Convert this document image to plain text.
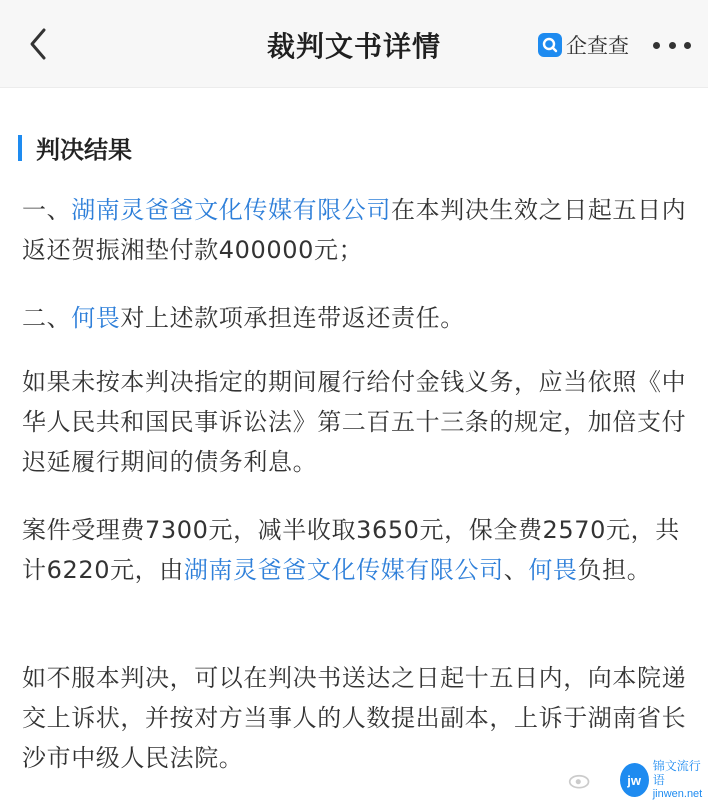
裁判文书详情	企查查
判决结果
一、湖南灵爸爸文化传媒有限公司在本判决生效之日起五日内返还贺振湘垫付款400000元；
二、何畏对上述款项承担连带返还责任。
如果未按本判决指定的期间履行给付金钱义务，应当依照《中华人民共和国民事诉讼法》第二百五十三条的规定，加倍支付迟延履行期间的债务利息。
案件受理费7300元，减半收取3650元，保全费2570元，共计6220元，由湖南灵爸爸文化传媒有限公司、何畏负担。
如不服本判决，可以在判决书送达之日起十五日内，向本院递交上诉状，并按对方当事人的人数提出副本，上诉于湖南省长沙市中级人民法院。
jw
锦文流行语
jinwen.net
